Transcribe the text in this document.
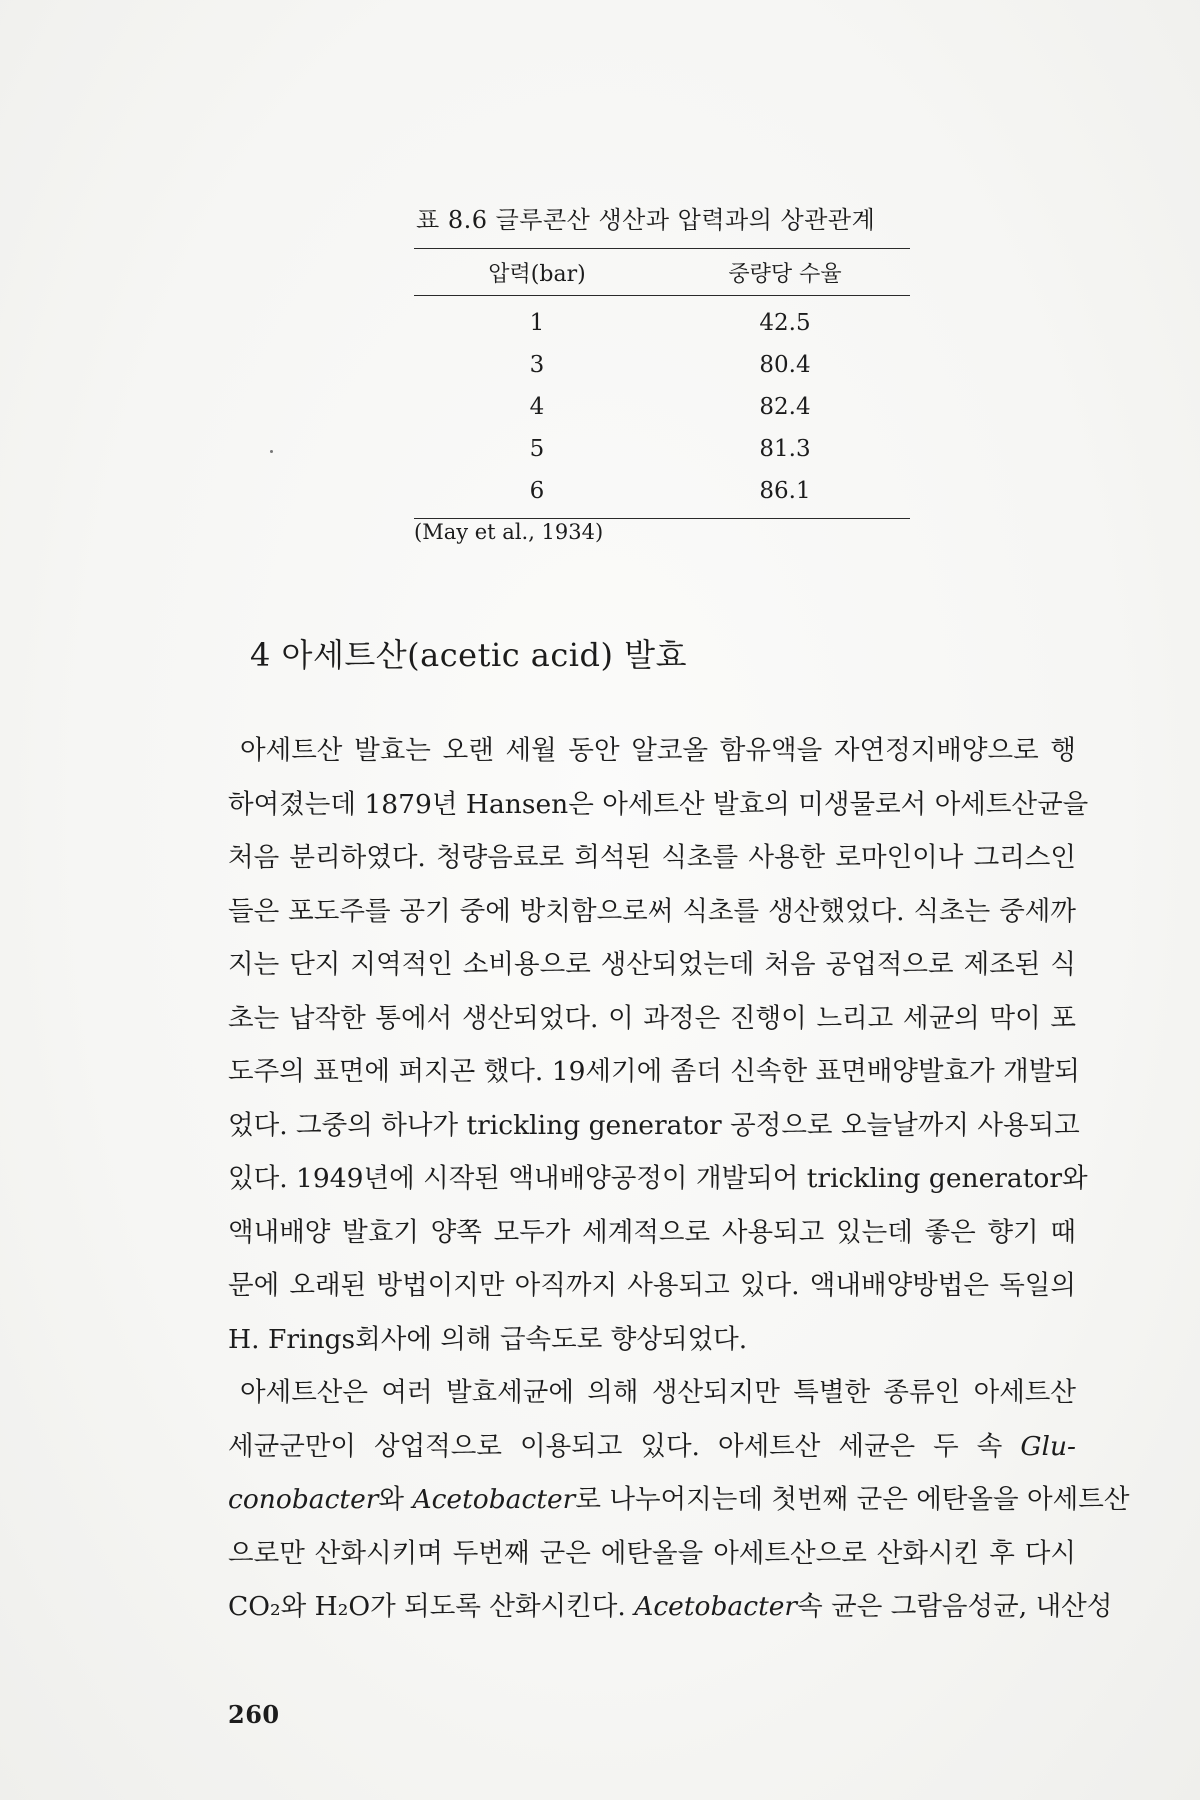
표 8.6 글루콘산 생산과 압력과의 상관관계
압력(bar)	중량당 수율
1	42.5
3	80.4
4	82.4
5	81.3
6	86.1
(May et al., 1934)
4 아세트산(acetic acid) 발효
아세트산 발효는 오랜 세월 동안 알코올 함유액을 자연정지배양으로 행
하여졌는데 1879년 Hansen은 아세트산 발효의 미생물로서 아세트산균을
처음 분리하였다. 청량음료로 희석된 식초를 사용한 로마인이나 그리스인
들은 포도주를 공기 중에 방치함으로써 식초를 생산했었다. 식초는 중세까
지는 단지 지역적인 소비용으로 생산되었는데 처음 공업적으로 제조된 식
초는 납작한 통에서 생산되었다. 이 과정은 진행이 느리고 세균의 막이 포
도주의 표면에 퍼지곤 했다. 19세기에 좀더 신속한 표면배양발효가 개발되
었다. 그중의 하나가 trickling generator 공정으로 오늘날까지 사용되고
있다. 1949년에 시작된 액내배양공정이 개발되어 trickling generator와
액내배양 발효기 양쪽 모두가 세계적으로 사용되고 있는데 좋은 향기 때
문에 오래된 방법이지만 아직까지 사용되고 있다. 액내배양방법은 독일의
H. Frings회사에 의해 급속도로 향상되었다.
아세트산은 여러 발효세균에 의해 생산되지만 특별한 종류인 아세트산
세균군만이 상업적으로 이용되고 있다. 아세트산 세균은 두 속 Glu-
conobacter와 Acetobacter로 나누어지는데 첫번째 군은 에탄올을 아세트산
으로만 산화시키며 두번째 군은 에탄올을 아세트산으로 산화시킨 후 다시
CO₂와 H₂O가 되도록 산화시킨다. Acetobacter속 균은 그람음성균, 내산성
260
